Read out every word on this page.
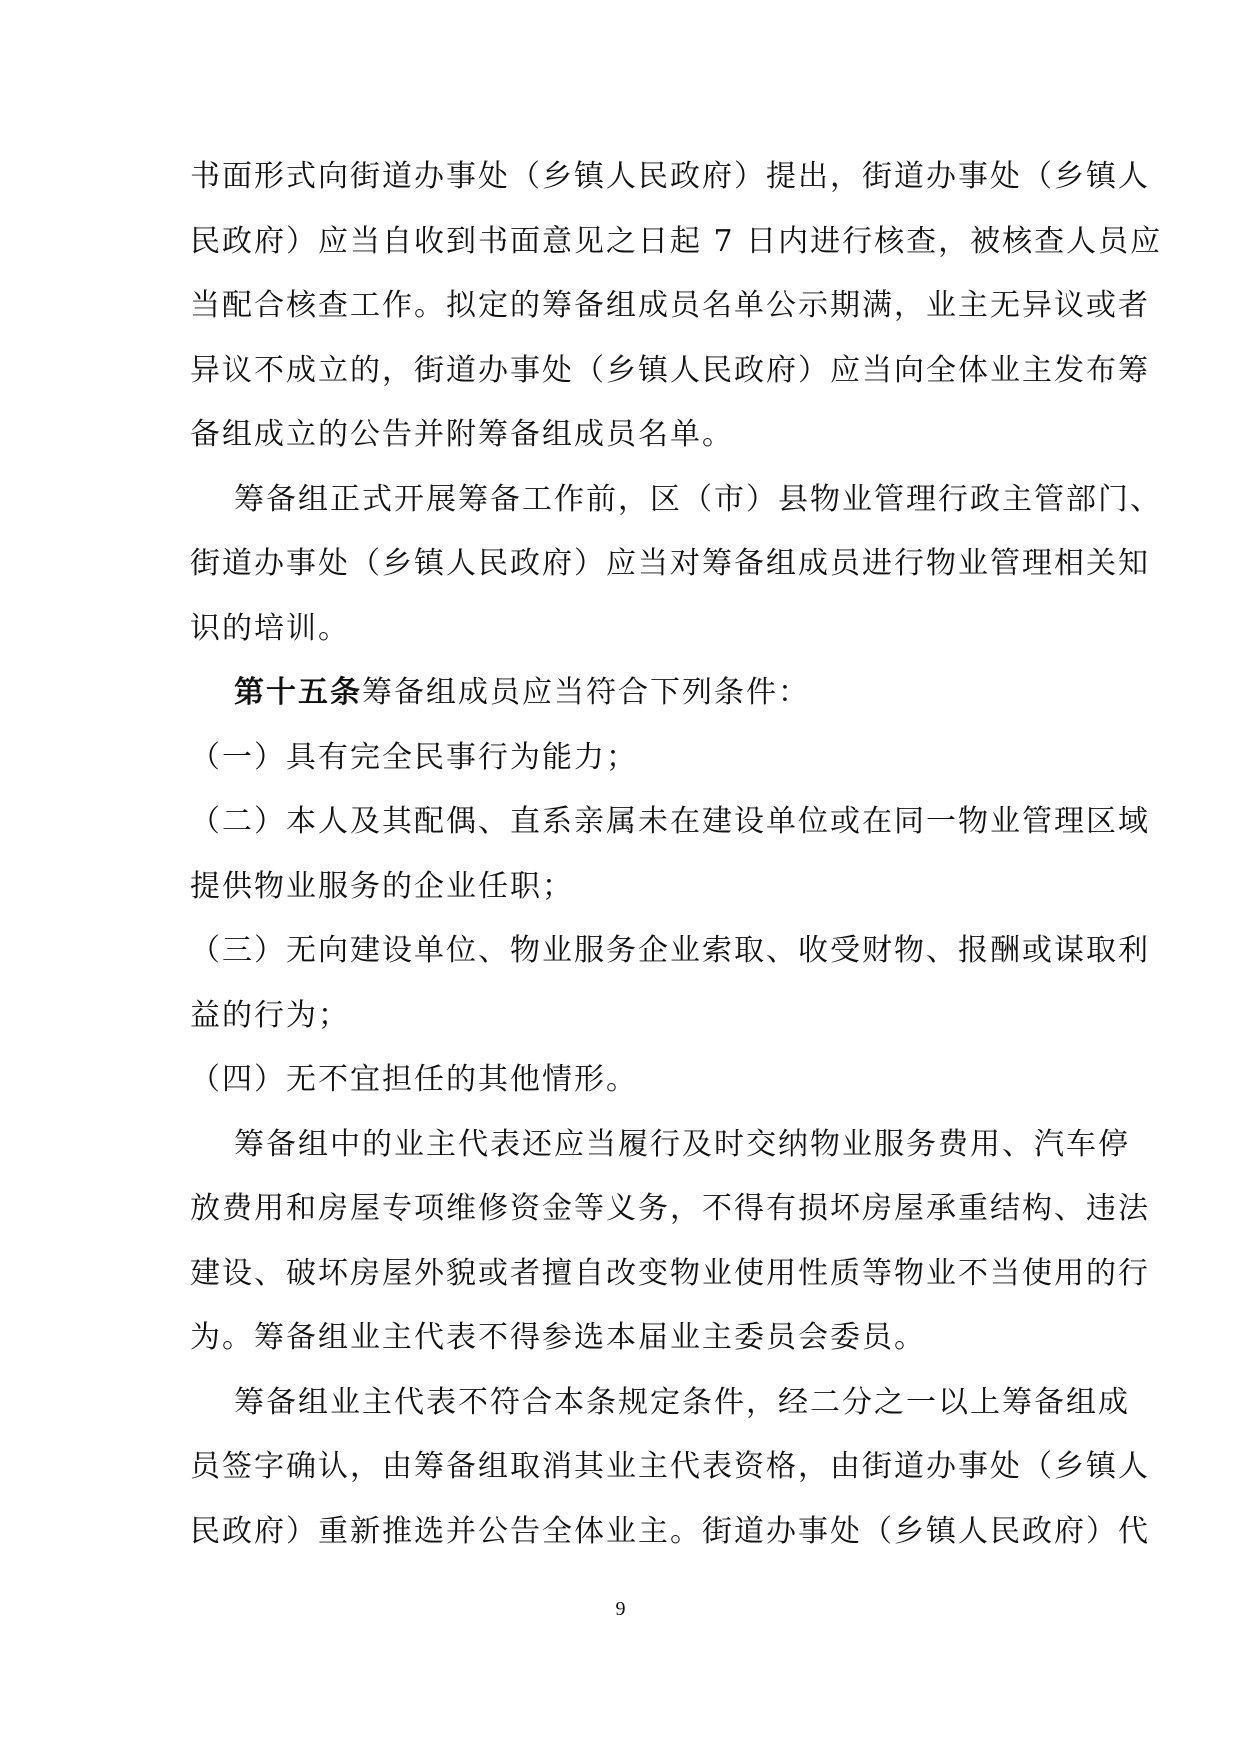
书面形式向街道办事处（乡镇人民政府）提出，街道办事处（乡镇人
民政府）应当自收到书面意见之日起 7 日内进行核查，被核查人员应
当配合核查工作。拟定的筹备组成员名单公示期满，业主无异议或者
异议不成立的，街道办事处（乡镇人民政府）应当向全体业主发布筹
备组成立的公告并附筹备组成员名单。
筹备组正式开展筹备工作前，区（市）县物业管理行政主管部门、
街道办事处（乡镇人民政府）应当对筹备组成员进行物业管理相关知
识的培训。
第十五条筹备组成员应当符合下列条件：
（一）具有完全民事行为能力；
（二）本人及其配偶、直系亲属未在建设单位或在同一物业管理区域
提供物业服务的企业任职；
（三）无向建设单位、物业服务企业索取、收受财物、报酬或谋取利
益的行为；
（四）无不宜担任的其他情形。
筹备组中的业主代表还应当履行及时交纳物业服务费用、汽车停
放费用和房屋专项维修资金等义务，不得有损坏房屋承重结构、违法
建设、破坏房屋外貌或者擅自改变物业使用性质等物业不当使用的行
为。筹备组业主代表不得参选本届业主委员会委员。
筹备组业主代表不符合本条规定条件，经二分之一以上筹备组成
员签字确认，由筹备组取消其业主代表资格，由街道办事处（乡镇人
民政府）重新推选并公告全体业主。街道办事处（乡镇人民政府）代
9
